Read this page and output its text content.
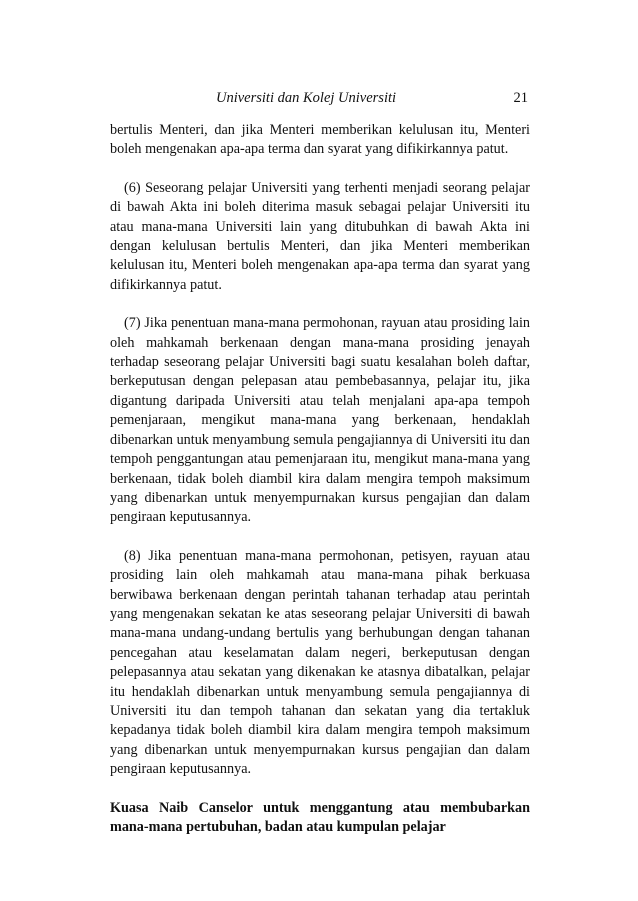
Universiti dan Kolej Universiti	21

bertulis Menteri, dan jika Menteri memberikan kelulusan itu, Menteri boleh mengenakan apa-apa terma dan syarat yang difikirkannya patut.

(6) Seseorang pelajar Universiti yang terhenti menjadi seorang pelajar di bawah Akta ini boleh diterima masuk sebagai pelajar Universiti itu atau mana-mana Universiti lain yang ditubuhkan di bawah Akta ini dengan kelulusan bertulis Menteri, dan jika Menteri memberikan kelulusan itu, Menteri boleh mengenakan apa-apa terma dan syarat yang difikirkannya patut.

(7) Jika penentuan mana-mana permohonan, rayuan atau prosiding lain oleh mahkamah berkenaan dengan mana-mana prosiding jenayah terhadap seseorang pelajar Universiti bagi suatu kesalahan boleh daftar, berkeputusan dengan pelepasan atau pembebasannya, pelajar itu, jika digantung daripada Universiti atau telah menjalani apa-apa tempoh pemenjaraan, mengikut mana-mana yang berkenaan, hendaklah dibenarkan untuk menyambung semula pengajiannya di Universiti itu dan tempoh penggantungan atau pemenjaraan itu, mengikut mana-mana yang berkenaan, tidak boleh diambil kira dalam mengira tempoh maksimum yang dibenarkan untuk menyempurnakan kursus pengajian dan dalam pengiraan keputusannya.

(8) Jika penentuan mana-mana permohonan, petisyen, rayuan atau prosiding lain oleh mahkamah atau mana-mana pihak berkuasa berwibawa berkenaan dengan perintah tahanan terhadap atau perintah yang mengenakan sekatan ke atas seseorang pelajar Universiti di bawah mana-mana undang-undang bertulis yang berhubungan dengan tahanan pencegahan atau keselamatan dalam negeri, berkeputusan dengan pelepasannya atau sekatan yang dikenakan ke atasnya dibatalkan, pelajar itu hendaklah dibenarkan untuk menyambung semula pengajiannya di Universiti itu dan tempoh tahanan dan sekatan yang dia tertakluk kepadanya tidak boleh diambil kira dalam mengira tempoh maksimum yang dibenarkan untuk menyempurnakan kursus pengajian dan dalam pengiraan keputusannya.

Kuasa Naib Canselor untuk menggantung atau membubarkan mana-mana pertubuhan, badan atau kumpulan pelajar
